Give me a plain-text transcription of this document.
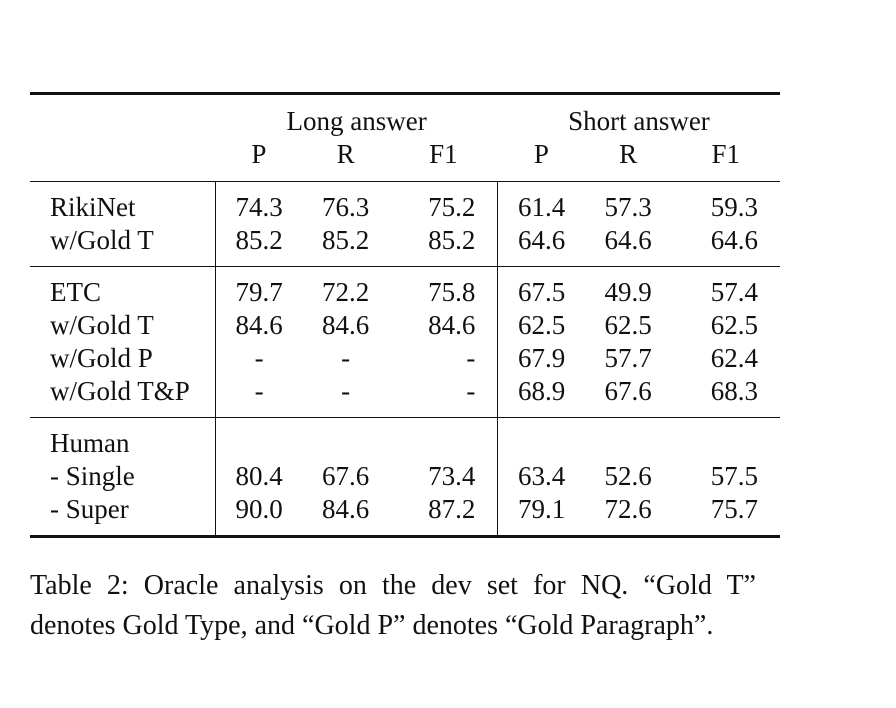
	Long answer			Short answer		
	P	R	F1	P	R	F1
RikiNet	74.3	76.3	75.2	61.4	57.3	59.3
w/Gold T	85.2	85.2	85.2	64.6	64.6	64.6
ETC	79.7	72.2	75.8	67.5	49.9	57.4
w/Gold T	84.6	84.6	84.6	62.5	62.5	62.5
w/Gold P	-	-	-	67.9	57.7	62.4
w/Gold T&P	-	-	-	68.9	67.6	68.3
Human						
- Single	80.4	67.6	73.4	63.4	52.6	57.5
- Super	90.0	84.6	87.2	79.1	72.6	75.7
Table 2: Oracle analysis on the dev set for NQ. “Gold T” denotes Gold Type, and “Gold P” denotes “Gold Paragraph”.
